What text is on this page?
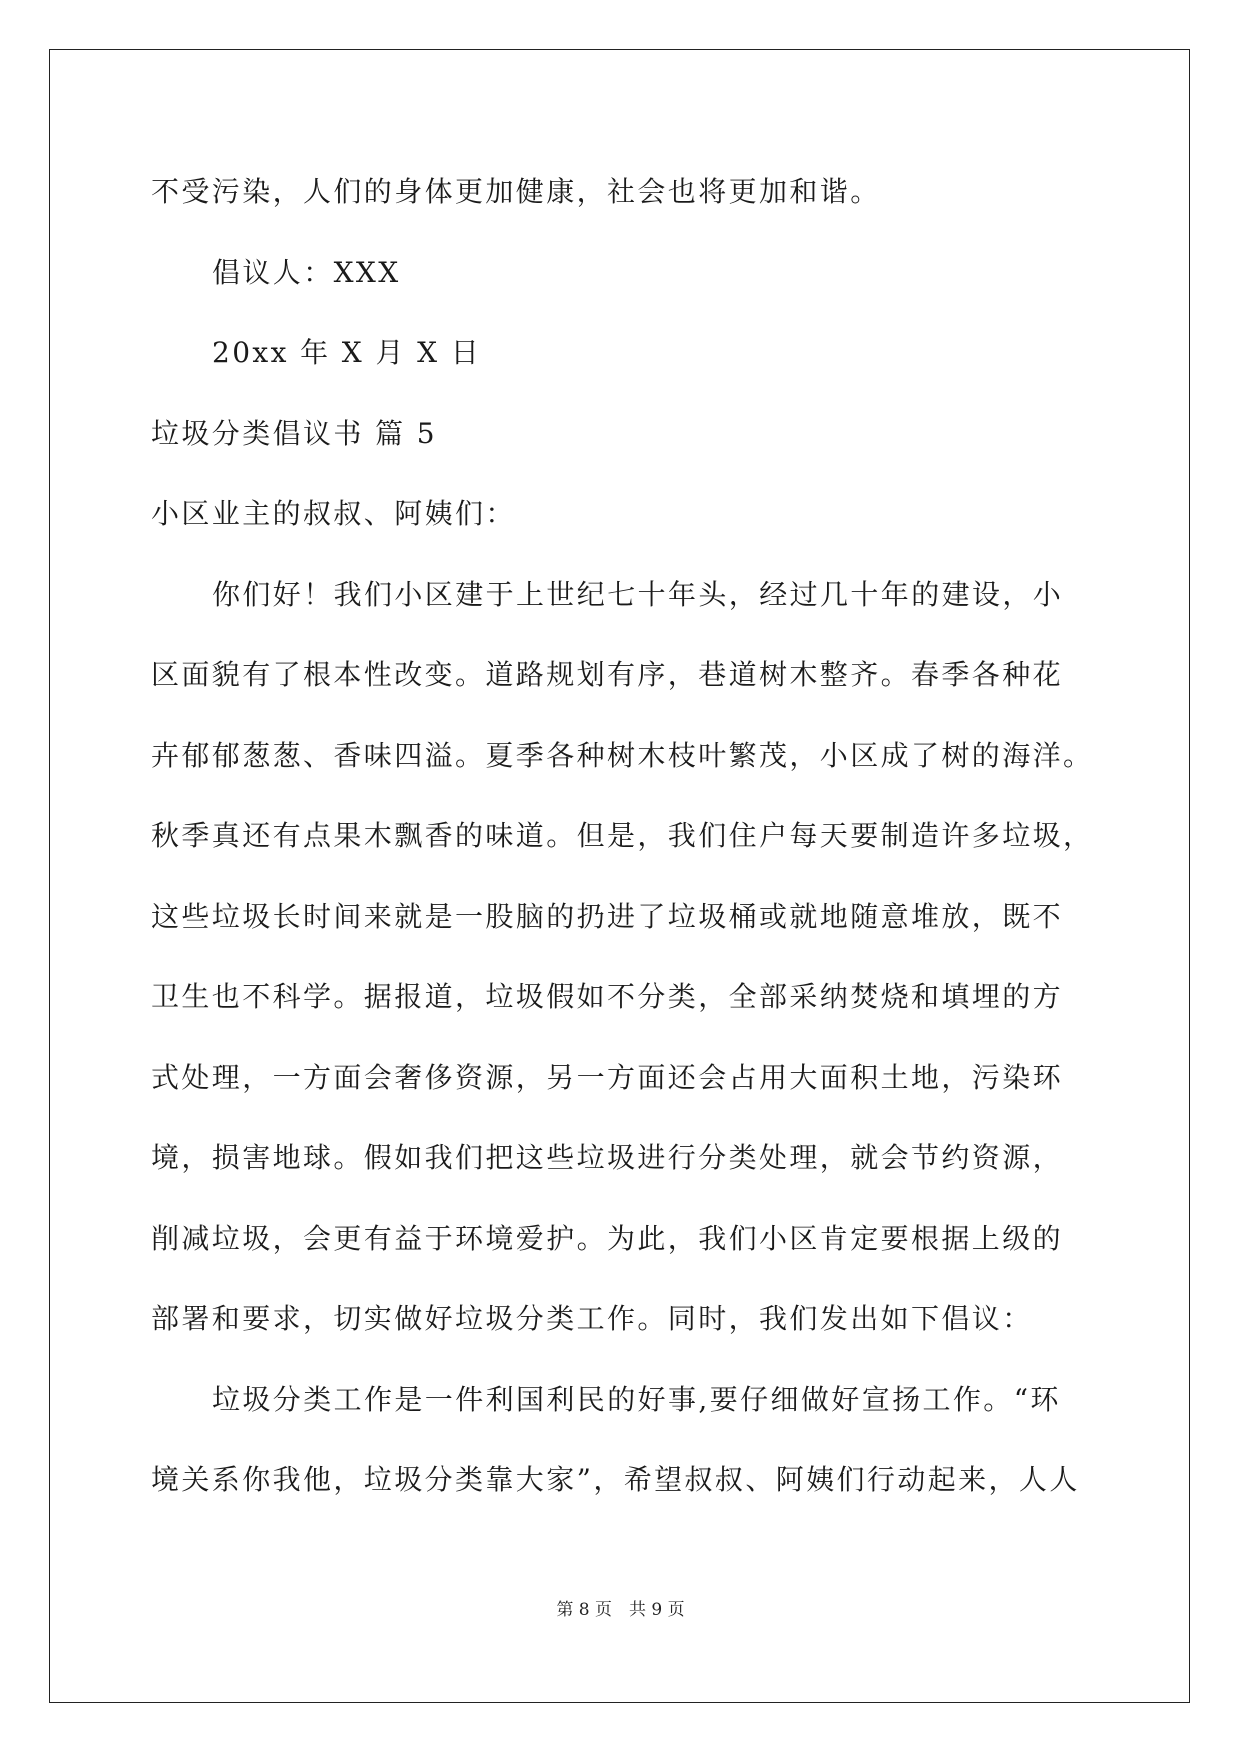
不受污染，人们的身体更加健康，社会也将更加和谐。
倡议人：XXX
20xx 年 X 月 X 日
垃圾分类倡议书 篇 5
小区业主的叔叔、阿姨们：
你们好！我们小区建于上世纪七十年头，经过几十年的建设，小
区面貌有了根本性改变。道路规划有序，巷道树木整齐。春季各种花
卉郁郁葱葱、香味四溢。夏季各种树木枝叶繁茂，小区成了树的海洋。
秋季真还有点果木飘香的味道。但是，我们住户每天要制造许多垃圾，
这些垃圾长时间来就是一股脑的扔进了垃圾桶或就地随意堆放，既不
卫生也不科学。据报道，垃圾假如不分类，全部采纳焚烧和填埋的方
式处理，一方面会奢侈资源，另一方面还会占用大面积土地，污染环
境，损害地球。假如我们把这些垃圾进行分类处理，就会节约资源，
削减垃圾，会更有益于环境爱护。为此，我们小区肯定要根据上级的
部署和要求，切实做好垃圾分类工作。同时，我们发出如下倡议：
垃圾分类工作是一件利国利民的好事,要仔细做好宣扬工作。“环
境关系你我他，垃圾分类靠大家”，希望叔叔、阿姨们行动起来，人人
第 8 页　共 9 页
